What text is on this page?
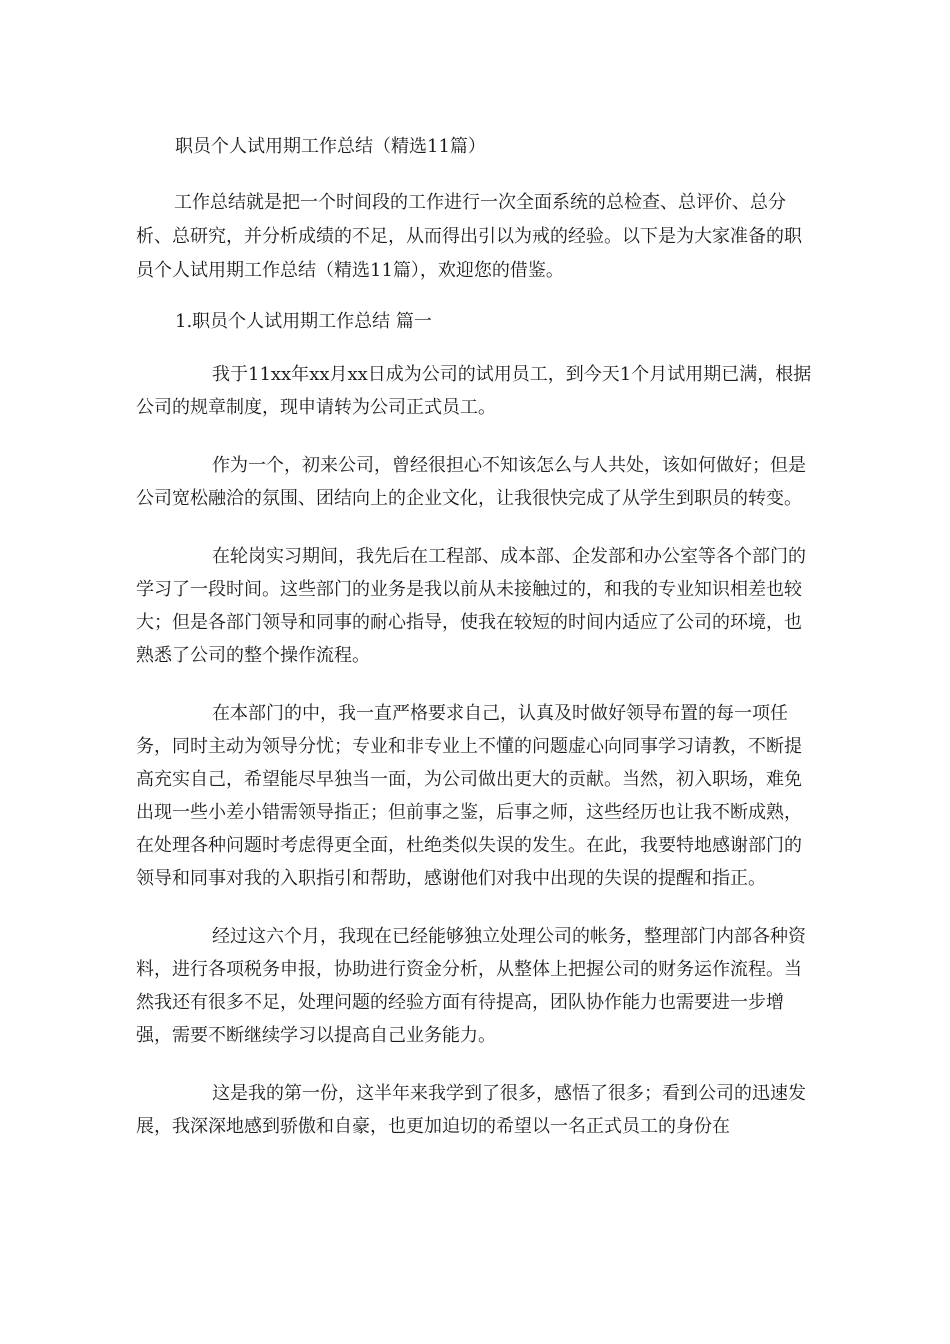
职员个人试用期工作总结（精选11篇）

工作总结就是把一个时间段的工作进行一次全面系统的总检查、总评价、总分析、总研究，并分析成绩的不足，从而得出引以为戒的经验。以下是为大家准备的职员个人试用期工作总结（精选11篇），欢迎您的借鉴。

1.职员个人试用期工作总结 篇一

我于11xx年xx月xx日成为公司的试用员工，到今天1个月试用期已满，根据公司的规章制度，现申请转为公司正式员工。

作为一个，初来公司，曾经很担心不知该怎么与人共处，该如何做好；但是公司宽松融洽的氛围、团结向上的企业文化，让我很快完成了从学生到职员的转变。

在轮岗实习期间，我先后在工程部、成本部、企发部和办公室等各个部门的学习了一段时间。这些部门的业务是我以前从未接触过的，和我的专业知识相差也较大；但是各部门领导和同事的耐心指导，使我在较短的时间内适应了公司的环境，也熟悉了公司的整个操作流程。

在本部门的中，我一直严格要求自己，认真及时做好领导布置的每一项任务，同时主动为领导分忧；专业和非专业上不懂的问题虚心向同事学习请教，不断提高充实自己，希望能尽早独当一面，为公司做出更大的贡献。当然，初入职场，难免出现一些小差小错需领导指正；但前事之鉴，后事之师，这些经历也让我不断成熟，在处理各种问题时考虑得更全面，杜绝类似失误的发生。在此，我要特地感谢部门的领导和同事对我的入职指引和帮助，感谢他们对我中出现的失误的提醒和指正。

经过这六个月，我现在已经能够独立处理公司的帐务，整理部门内部各种资料，进行各项税务申报，协助进行资金分析，从整体上把握公司的财务运作流程。当然我还有很多不足，处理问题的经验方面有待提高，团队协作能力也需要进一步增强，需要不断继续学习以提高自己业务能力。

这是我的第一份，这半年来我学到了很多，感悟了很多；看到公司的迅速发展，我深深地感到骄傲和自豪，也更加迫切的希望以一名正式员工的身份在
